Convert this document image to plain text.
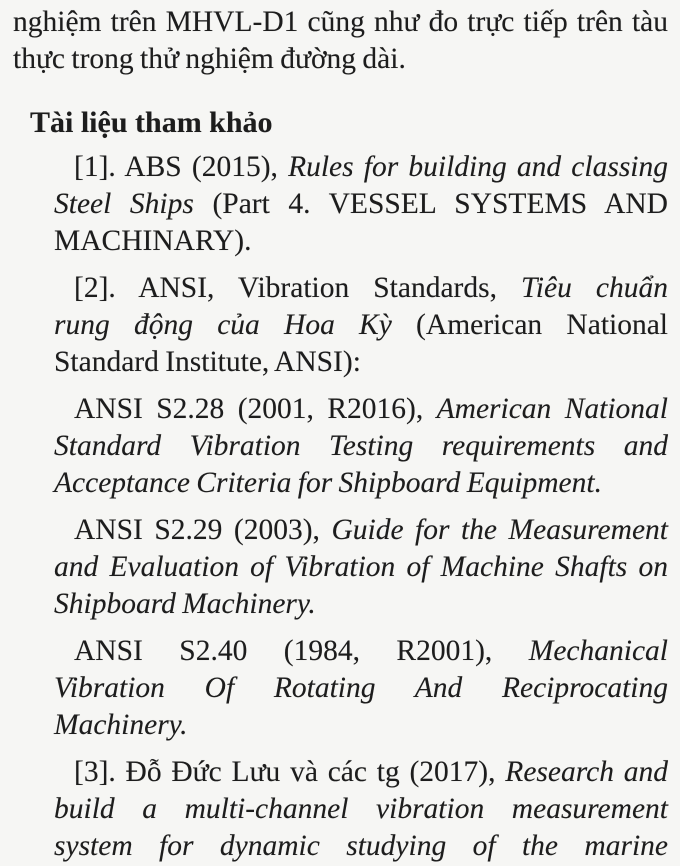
nghiệm trên MHVL-D1 cũng như đo trực tiếp trên tàu
thực trong thử nghiệm đường dài.
Tài liệu tham khảo
[1]. ABS (2015), Rules for building and classing
Steel Ships (Part 4. VESSEL SYSTEMS AND
MACHINARY).
[2]. ANSI, Vibration Standards, Tiêu chuẩn
rung động của Hoa Kỳ (American National
Standard Institute, ANSI):
ANSI S2.28 (2001, R2016), American National
Standard Vibration Testing requirements and
Acceptance Criteria for Shipboard Equipment.
ANSI S2.29 (2003), Guide for the Measurement
and Evaluation of Vibration of Machine Shafts on
Shipboard Machinery.
ANSI S2.40 (1984, R2001), Mechanical
Vibration Of Rotating And Reciprocating
Machinery.
[3]. Đỗ Đức Lưu và các tg (2017), Research and
build a multi-channel vibration measurement
system for dynamic studying of the marine
